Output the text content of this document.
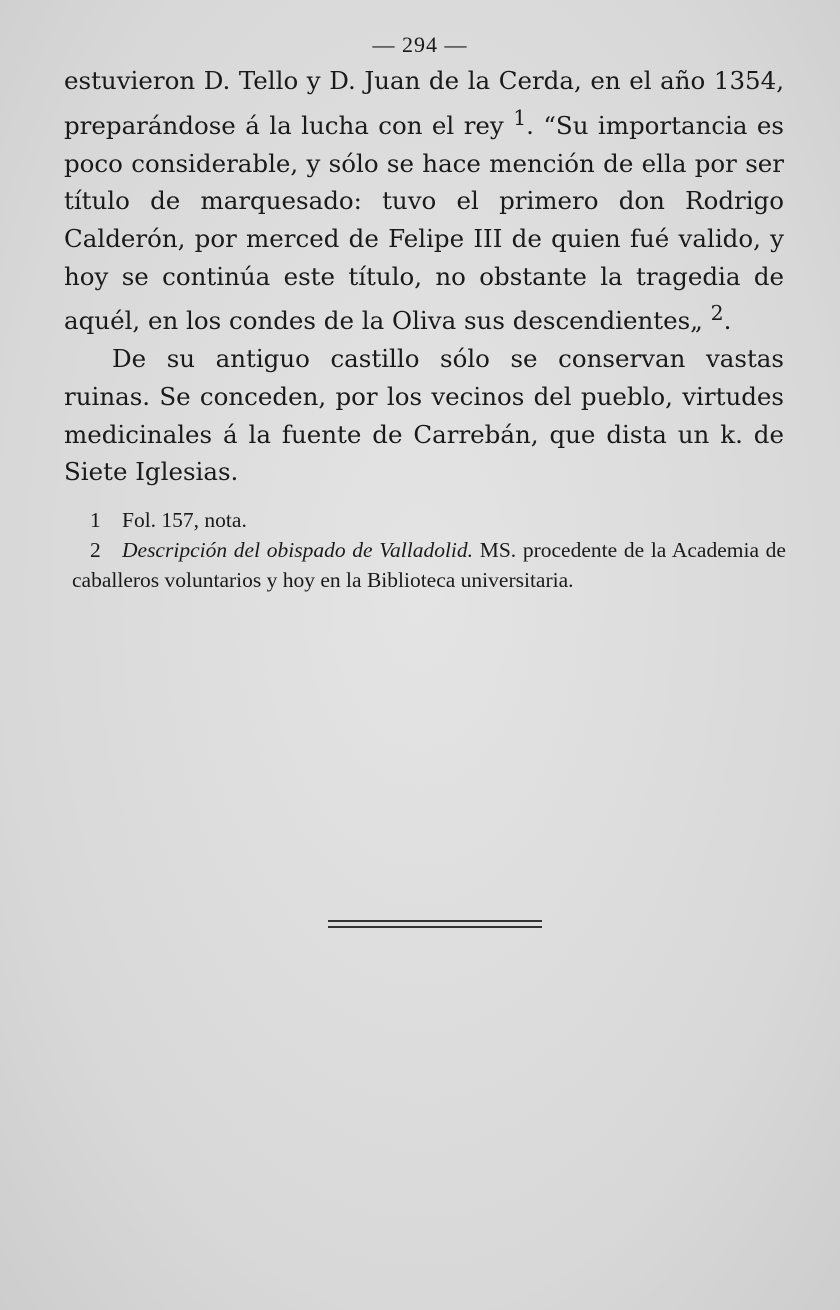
— 294 —

estuvieron D. Tello y D. Juan de la Cerda, en el año 1354, preparándose á la lucha con el rey $^1$. “Su importancia es poco considerable, y sólo se hace mención de ella por ser título de marquesado: tuvo el primero don Rodrigo Calderón, por merced de Felipe III de quien fué valido, y hoy se continúa este título, no obstante la tragedia de aquél, en los condes de la Oliva sus descendientes„ $^2$.

De su antiguo castillo sólo se conservan vastas ruinas. Se conceden, por los vecinos del pueblo, virtudes medicinales á la fuente de Carrebán, que dista un k. de Siete Iglesias.

1 Fol. 157, nota.

2 Descripción del obispado de Valladolid. MS. procedente de la Academia de caballeros voluntarios y hoy en la Biblioteca universitaria.
